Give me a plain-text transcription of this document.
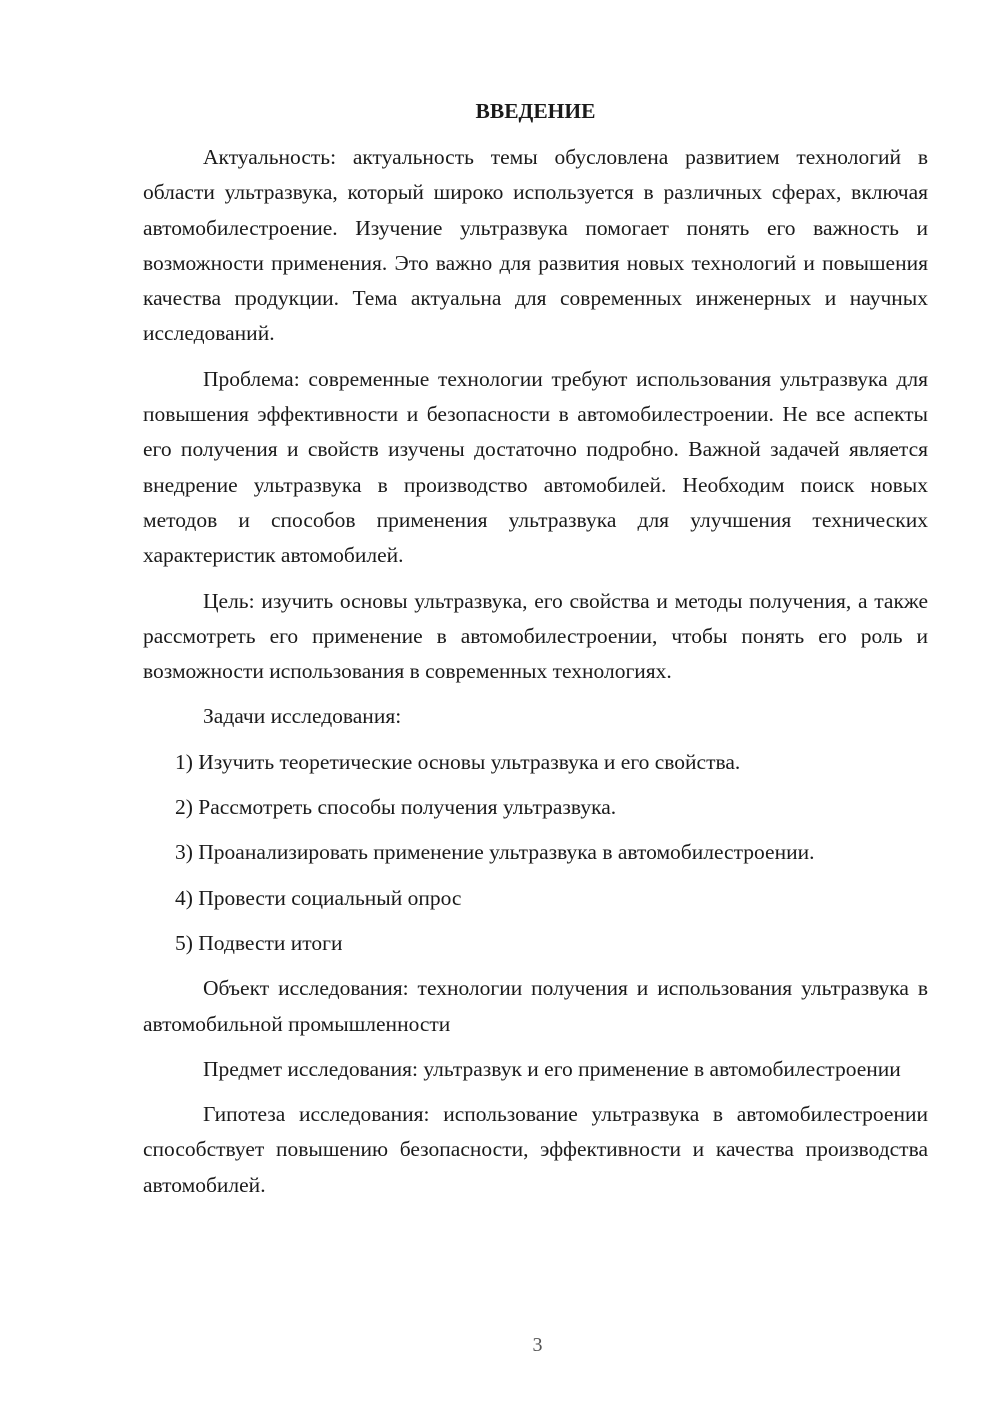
ВВЕДЕНИЕ

Актуальность: актуальность темы обусловлена развитием технологий в области ультразвука, который широко используется в различных сферах, включая автомобилестроение. Изучение ультразвука помогает понять его важность и возможности применения. Это важно для развития новых технологий и повышения качества продукции. Тема актуальна для современных инженерных и научных исследований.

Проблема: современные технологии требуют использования ультразвука для повышения эффективности и безопасности в автомобилестроении. Не все аспекты его получения и свойств изучены достаточно подробно. Важной задачей является внедрение ультразвука в производство автомобилей. Необходим поиск новых методов и способов применения ультразвука для улучшения технических характеристик автомобилей.

Цель: изучить основы ультразвука, его свойства и методы получения, а также рассмотреть его применение в автомобилестроении, чтобы понять его роль и возможности использования в современных технологиях.

Задачи исследования:

1) Изучить теоретические основы ультразвука и его свойства.

2) Рассмотреть способы получения ультразвука.

3) Проанализировать применение ультразвука в автомобилестроении.

4) Провести социальный опрос

5) Подвести итоги

Объект исследования: технологии получения и использования ультразвука в автомобильной промышленности

Предмет исследования: ультразвук и его применение в автомобилестроении

Гипотеза исследования: использование ультразвука в автомобилестроении способствует повышению безопасности, эффективности и качества производства автомобилей.

3
